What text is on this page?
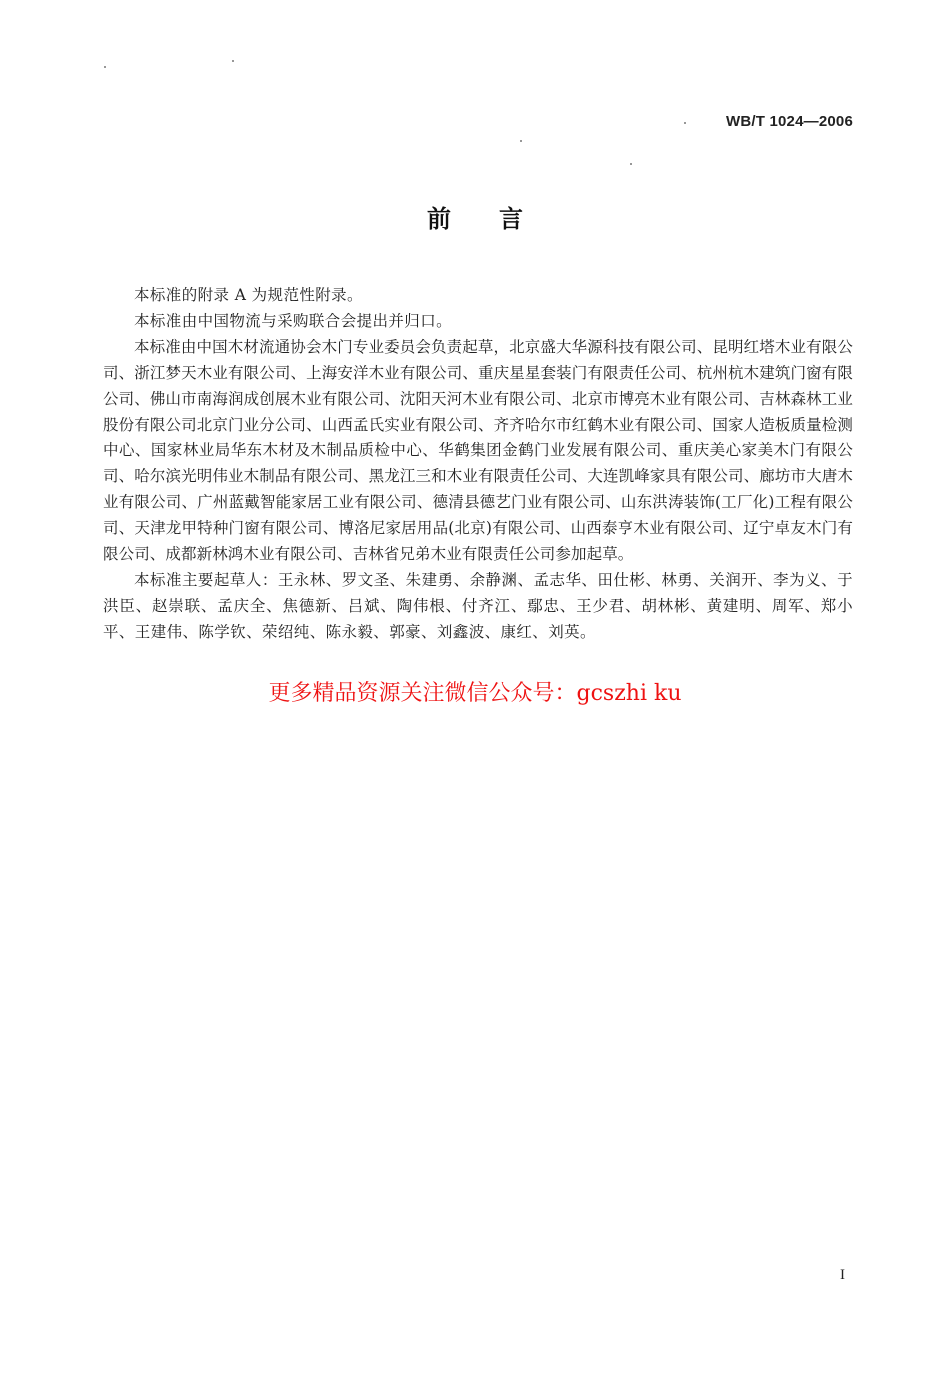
WB/T 1024—2006
前言

本标准的附录 A 为规范性附录。

本标准由中国物流与采购联合会提出并归口。

本标准由中国木材流通协会木门专业委员会负责起草，北京盛大华源科技有限公司、昆明红塔木业有限公司、浙江梦天木业有限公司、上海安洋木业有限公司、重庆星星套装门有限责任公司、杭州杭木建筑门窗有限公司、佛山市南海润成创展木业有限公司、沈阳天河木业有限公司、北京市博亮木业有限公司、吉林森林工业股份有限公司北京门业分公司、山西孟氏实业有限公司、齐齐哈尔市红鹤木业有限公司、国家人造板质量检测中心、国家林业局华东木材及木制品质检中心、华鹤集团金鹤门业发展有限公司、重庆美心家美木门有限公司、哈尔滨光明伟业木制品有限公司、黑龙江三和木业有限责任公司、大连凯峰家具有限公司、廊坊市大唐木业有限公司、广州蓝戴智能家居工业有限公司、德清县德艺门业有限公司、山东洪涛装饰(工厂化)工程有限公司、天津龙甲特种门窗有限公司、博洛尼家居用品(北京)有限公司、山西泰亨木业有限公司、辽宁卓友木门有限公司、成都新林鸿木业有限公司、吉林省兄弟木业有限责任公司参加起草。

本标准主要起草人：王永林、罗文圣、朱建勇、余静渊、孟志华、田仕彬、林勇、关润开、李为义、于洪臣、赵崇联、孟庆全、焦德新、吕斌、陶伟根、付齐江、鄢忠、王少君、胡林彬、黄建明、周军、郑小平、王建伟、陈学钦、荣绍纯、陈永毅、郭豪、刘鑫波、康红、刘英。

更多精品资源关注微信公众号：gcszhi ku
I
